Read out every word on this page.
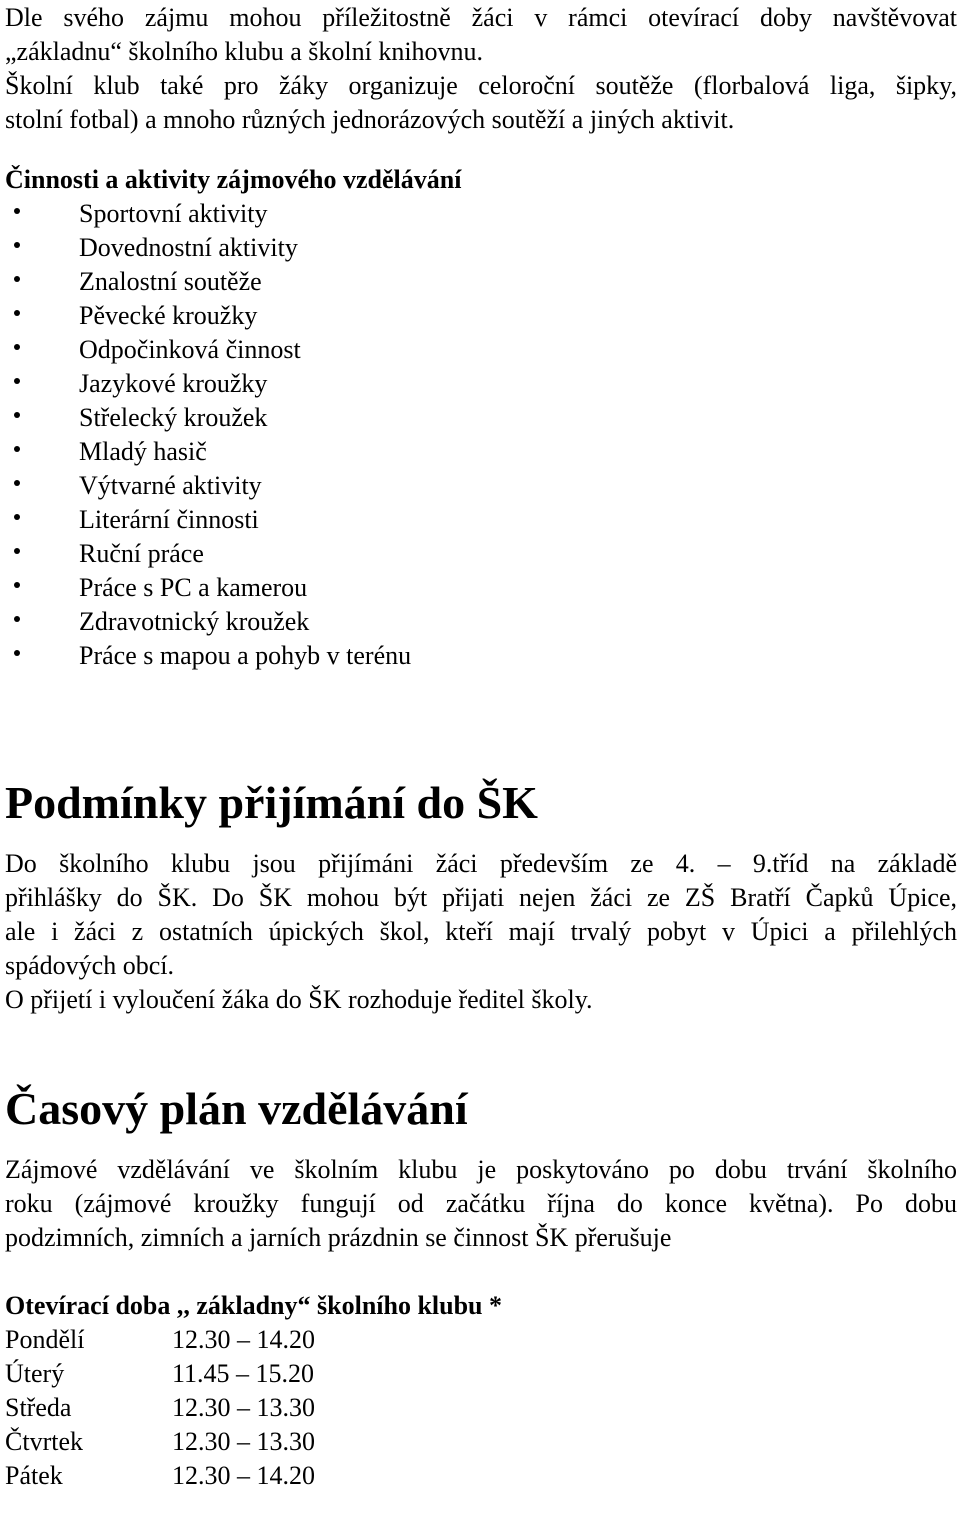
Dle svého zájmu mohou příležitostně žáci v rámci otevírací doby navštěvovat
„základnu“ školního klubu a školní knihovnu.
Školní klub také pro žáky organizuje celoroční soutěže (florbalová liga, šipky,
stolní fotbal) a mnoho různých jednorázových soutěží a jiných aktivit.

Činnosti a aktivity zájmového vzdělávání
Sportovní aktivity
Dovednostní aktivity
Znalostní soutěže
Pěvecké kroužky
Odpočinková činnost
Jazykové kroužky
Střelecký kroužek
Mladý hasič
Výtvarné aktivity
Literární činnosti
Ruční práce
Práce s PC a kamerou
Zdravotnický kroužek
Práce s mapou a pohyb v terénu
Podmínky přijímání do ŠK

Do školního klubu jsou přijímáni žáci především ze 4. – 9.tříd na základě
přihlášky do ŠK. Do ŠK mohou být přijati nejen žáci ze ZŠ Bratří Čapků Úpice,
ale i žáci z ostatních úpických škol, kteří mají trvalý pobyt v Úpici a přilehlých
spádových obcí.

O přijetí i vyloučení žáka do ŠK rozhoduje ředitel školy.

Časový plán vzdělávání

Zájmové vzdělávání ve školním klubu je poskytováno po dobu trvání školního
roku (zájmové kroužky fungují od začátku října do konce května). Po dobu
podzimních, zimních a jarních prázdnin se činnost ŠK přerušuje

Otevírací doba ,, základny“ školního klubu *
Pondělí	12.30 – 14.20
Úterý	11.45 – 15.20
Středa	12.30 – 13.30
Čtvrtek	12.30 – 13.30
Pátek	12.30 – 14.20
